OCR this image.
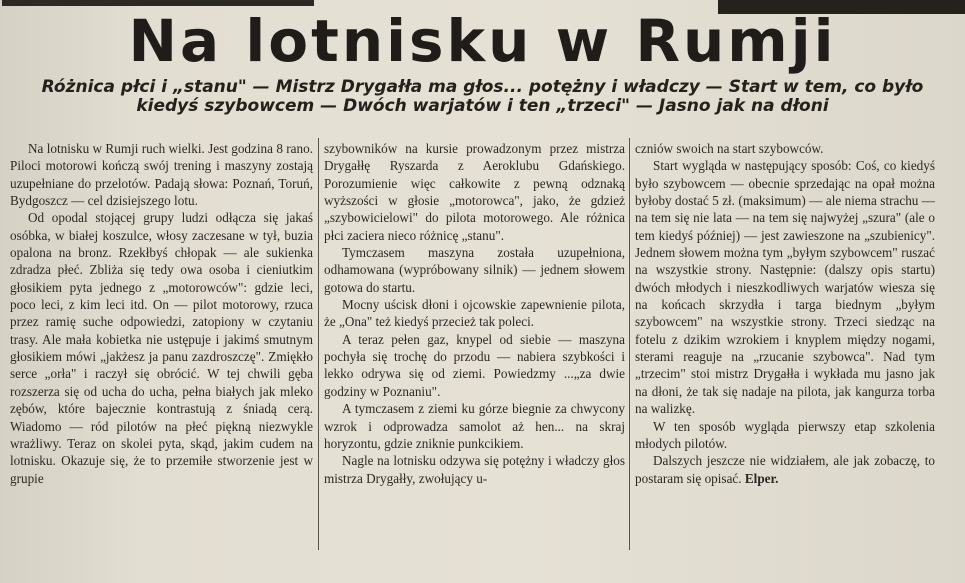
Na lotnisku w Rumji
Różnica płci i „stanu" — Mistrz Drygałła ma głos... potężny i władczy — Start w tem, co było kiedyś szybowcem — Dwóch warjatów i ten „trzeci" — Jasno jak na dłoni

Na lotnisku w Rumji ruch wielki. Jest godzina 8 rano. Piloci motorowi kończą swój trening i maszyny zostają uzupełniane do przelotów. Padają słowa: Poznań, Toruń, Bydgoszcz — cel dzisiejszego lotu.

Od opodal stojącej grupy ludzi odłącza się jakaś osóbka, w białej koszulce, włosy zaczesane w tył, buzia opalona na bronz. Rzekłbyś chłopak — ale sukienka zdradza płeć. Zbliża się tedy owa osoba i cieniutkim głosikiem pyta jednego z „motorowców": gdzie leci, poco leci, z kim leci itd. On — pilot motorowy, rzuca przez ramię suche odpowiedzi, zatopiony w czytaniu trasy. Ale mała kobietka nie ustępuje i jakimś smutnym głosikiem mówi „jakżesz ja panu zazdroszczę". Zmiękło serce „orła" i raczył się obrócić. W tej chwili gęba rozszerza się od ucha do ucha, pełna białych jak mleko zębów, które bajecznie kontrastują z śniadą cerą. Wiadomo — ród pilotów na płeć piękną niezwykle wrażliwy. Teraz on skolei pyta, skąd, jakim cudem na lotnisku. Okazuje się, że to przemiłe stworzenie jest w grupie

szybowników na kursie prowadzonym przez mistrza Drygałłę Ryszarda z Aeroklubu Gdańskiego. Porozumienie więc całkowite z pewną odznaką wyższości w głosie „motorowca", jako, że gdzież „szybowicielowi" do pilota motorowego. Ale różnica płci zaciera nieco różnicę „stanu".

Tymczasem maszyna została uzupełniona, odhamowana (wypróbowany silnik) — jednem słowem gotowa do startu.

Mocny uścisk dłoni i ojcowskie zapewnienie pilota, że „Ona" też kiedyś przecież tak poleci.

A teraz pełen gaz, knypel od siebie — maszyna pochyła się trochę do przodu — nabiera szybkości i lekko odrywa się od ziemi. Powiedzmy ...„za dwie godziny w Poznaniu".

A tymczasem z ziemi ku górze biegnie za chwycony wzrok i odprowadza samolot aż hen... na skraj horyzontu, gdzie zniknie punkcikiem.

Nagle na lotnisku odzywa się potężny i władczy głos mistrza Drygałły, zwołujący u-

czniów swoich na start szybowców.

Start wygląda w następujący sposób: Coś, co kiedyś było szybowcem — obecnie sprzedając na opał można byłoby dostać 5 zł. (maksimum) — ale niema strachu — na tem się nie lata — na tem się najwyżej „szura" (ale o tem kiedyś później) — jest zawieszone na „szubienicy". Jednem słowem można tym „byłym szybowcem" ruszać na wszystkie strony. Następnie: (dalszy opis startu) dwóch młodych i nieszkodliwych warjatów wiesza się na końcach skrzydła i targa biednym „byłym szybowcem" na wszystkie strony. Trzeci siedząc na fotelu z dzikim wzrokiem i knyplem między nogami, sterami reaguje na „rzucanie szybowca". Nad tym „trzecim" stoi mistrz Drygałła i wykłada mu jasno jak na dłoni, że tak się nadaje na pilota, jak kangurza torba na walizkę.

W ten sposób wygląda pierwszy etap szkolenia młodych pilotów.

Dalszych jeszcze nie widziałem, ale jak zobaczę, to postaram się opisać. Elper.
